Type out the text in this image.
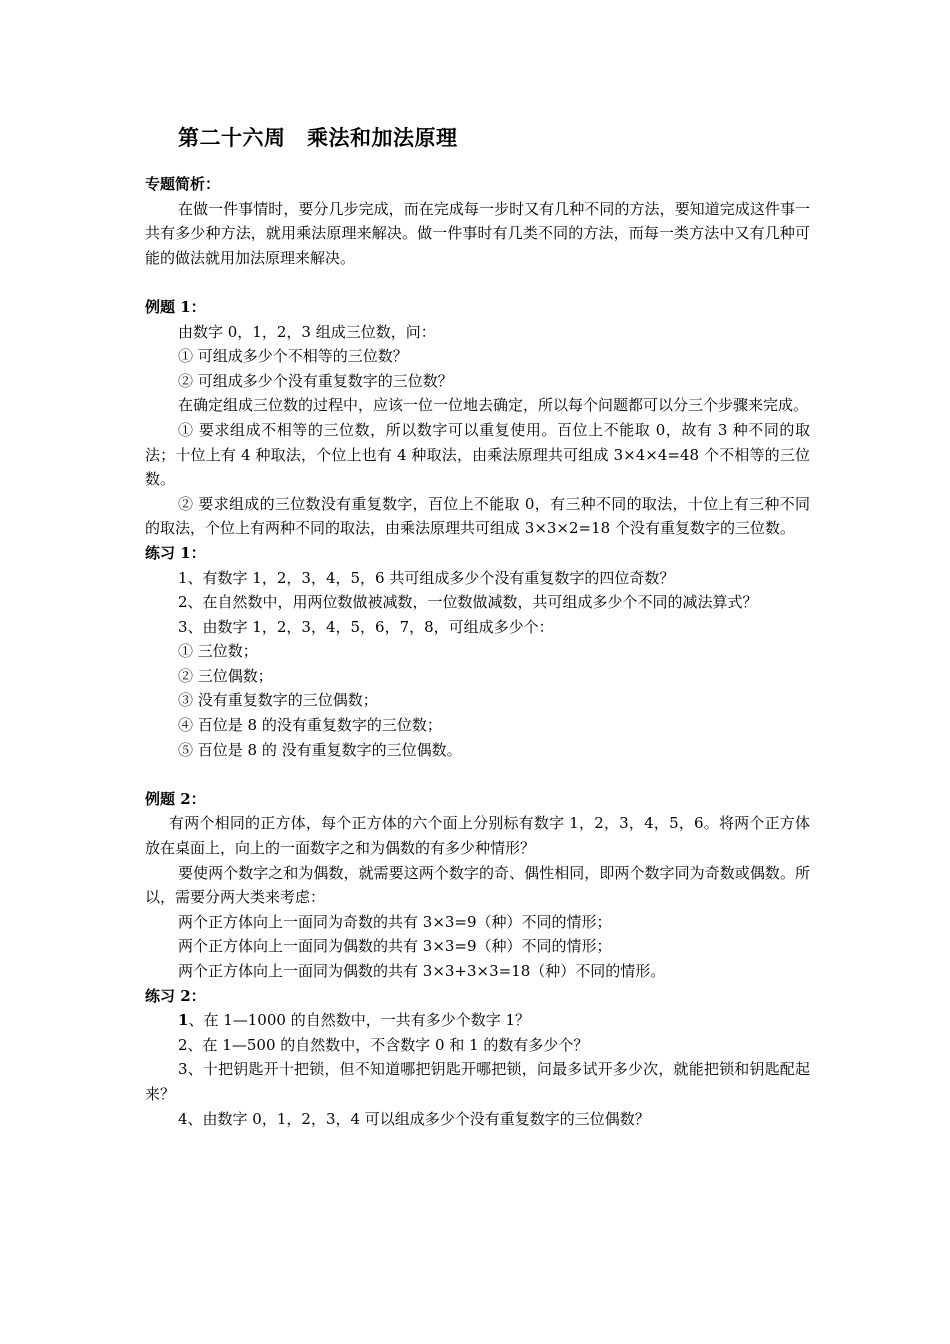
第二十六周　乘法和加法原理

专题简析：

在做一件事情时，要分几步完成，而在完成每一步时又有几种不同的方法，要知道完成这件事一共有多少种方法，就用乘法原理来解决。做一件事时有几类不同的方法，而每一类方法中又有几种可能的做法就用加法原理来解决。

例题 1：

由数字 0，1，2，3 组成三位数，问：

① 可组成多少个不相等的三位数？

② 可组成多少个没有重复数字的三位数？

在确定组成三位数的过程中，应该一位一位地去确定，所以每个问题都可以分三个步骤来完成。

① 要求组成不相等的三位数，所以数字可以重复使用。百位上不能取 0，故有 3 种不同的取法；十位上有 4 种取法，个位上也有 4 种取法，由乘法原理共可组成 3×4×4=48 个不相等的三位数。

② 要求组成的三位数没有重复数字，百位上不能取 0，有三种不同的取法，十位上有三种不同的取法，个位上有两种不同的取法，由乘法原理共可组成 3×3×2=18 个没有重复数字的三位数。

练习 1：

1、有数字 1，2，3，4，5，6 共可组成多少个没有重复数字的四位奇数？

2、在自然数中，用两位数做被减数，一位数做减数，共可组成多少个不同的减法算式？

3、由数字 1，2，3，4，5，6，7，8，可组成多少个：

① 三位数；

② 三位偶数；

③ 没有重复数字的三位偶数；

④ 百位是 8 的没有重复数字的三位数；

⑤ 百位是 8 的 没有重复数字的三位偶数。

例题 2：

有两个相同的正方体，每个正方体的六个面上分别标有数字 1，2，3，4，5，6。将两个正方体放在桌面上，向上的一面数字之和为偶数的有多少种情形？

要使两个数字之和为偶数，就需要这两个数字的奇、偶性相同，即两个数字同为奇数或偶数。所以，需要分两大类来考虑：

两个正方体向上一面同为奇数的共有 3×3=9（种）不同的情形；

两个正方体向上一面同为偶数的共有 3×3=9（种）不同的情形；

两个正方体向上一面同为偶数的共有 3×3+3×3=18（种）不同的情形。

练习 2：

1、在 1—1000 的自然数中，一共有多少个数字 1？

2、在 1—500 的自然数中，不含数字 0 和 1 的数有多少个？

3、十把钥匙开十把锁，但不知道哪把钥匙开哪把锁，问最多试开多少次，就能把锁和钥匙配起来？

4、由数字 0，1，2，3，4 可以组成多少个没有重复数字的三位偶数？
